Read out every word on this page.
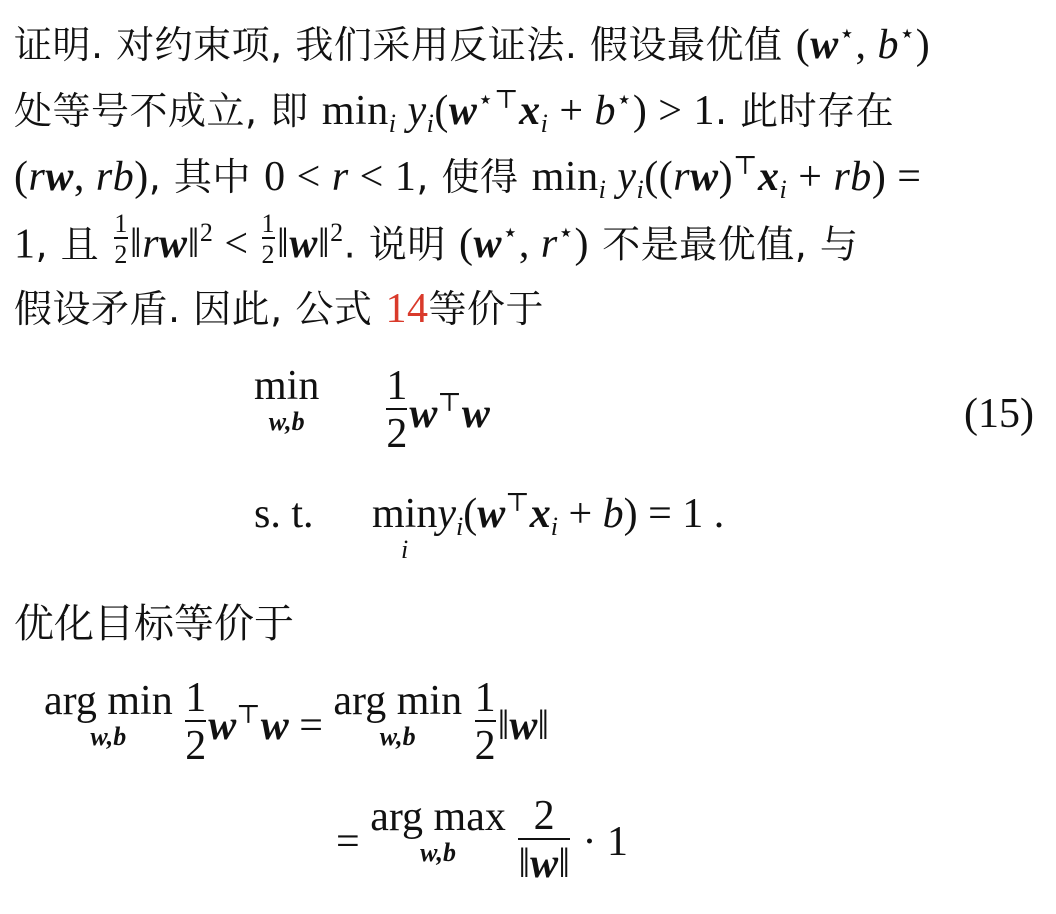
证明. 对约束项, 我们采用反证法. 假设最优值 (w⋆, b⋆)
处等号不成立, 即 $\min_i y_i(w^{⋆⊤}x_i + b^⋆) > 1$. 此时存在
(rw, rb), 其中 0 < r < 1, 使得 $\min_i y_i((rw)^⊤x_i + rb)$ =
1, 且 $\frac{1}{2}$ ‖rw‖$^2$ < $\frac{1}{2}$ ‖w‖$^2$. 说明 (w⋆, r⋆) 不是最优值, 与
假设矛盾. 因此, 公式 14等价于
min
w,b
	$\frac{1}{2} w^⊤w$	(15)
s. t. min
i
$y_i(w^⊤x_i + b) = 1$ .
优化目标等价于
arg min
w,b
	$\frac{1}{2} w^⊤w$ =
arg min
w,b
	$\frac{1}{2}$ ‖w‖
=
arg max
w,b
	$\frac{2}{‖w‖} \cdot 1$
